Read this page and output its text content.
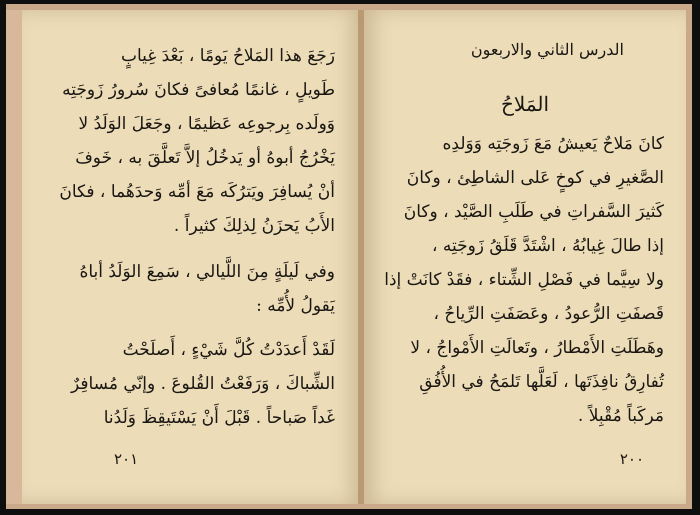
رَجَعَ هذا المَلاحُ يَومًا ، بَعْدَ غِيابٍ
طَويلٍ ، غانمًا مُعافىً فكانَ سُرورُ زَوجَتِه
وَولَده بِرجوعِه عَظيمًا ، وجَعَلَ الوَلَدُ لا
يَخْرُجُ أبوهُ أو يَدخُلُ إلاَّ تَعلَّقَ به ، خَوفَ
أنْ يُسافِرَ ويَترُكَه مَعَ أمِّه وَحدَهُما ، فكانَ
الأَبُ يَحزَنُ لِذلِكَ كثيراً .
وفي لَيلَةٍ مِنَ اللَّيالي ، سَمِعَ الوَلَدُ أباهُ
يَقولُ لأُمِّه :
لَقَدْ أَعدَدْتُ كُلَّ شَيْءٍ ، أَصلَحْتُ
الشِّباكَ ، وَرَفَعْتُ القُلوعَ . وإنّي مُسافِرٌ
غَداً صَباحاً . قَبْلَ أَنْ يَسْتَيقِظَ وَلَدُنا
٢٠١
الدرس الثاني والاربعون
المَلاحُ
كانَ مَلاحٌ يَعيشُ مَعَ زَوجَتِه وَوَلدِه
الصَّغيرِ في كوخٍ عَلى الشاطِئ ، وكانَ
كَثيرَ السَّفراتِ في طَلَبِ الصَّيْد ، وكانَ
إذا طالَ غِيابُهُ ، اشْتَدَّ قَلَقُ زَوجَتِه ،
ولا سِيَّما في فَصْلِ الشِّتاء ، فقَدْ كانَتْ إذا
قَصفَتِ الرُّعودُ ، وعَصَفَتِ الرِّياحُ ،
وهَطَلَتِ الأَمْطارُ ، وتَعالَتِ الأَمْواجُ ، لا
تُفارِقُ نافِذَتَها ، لَعَلَّها تَلمَحُ في الأُفُقِ
مَركَباً مُقْبِلاً .
٢٠٠
